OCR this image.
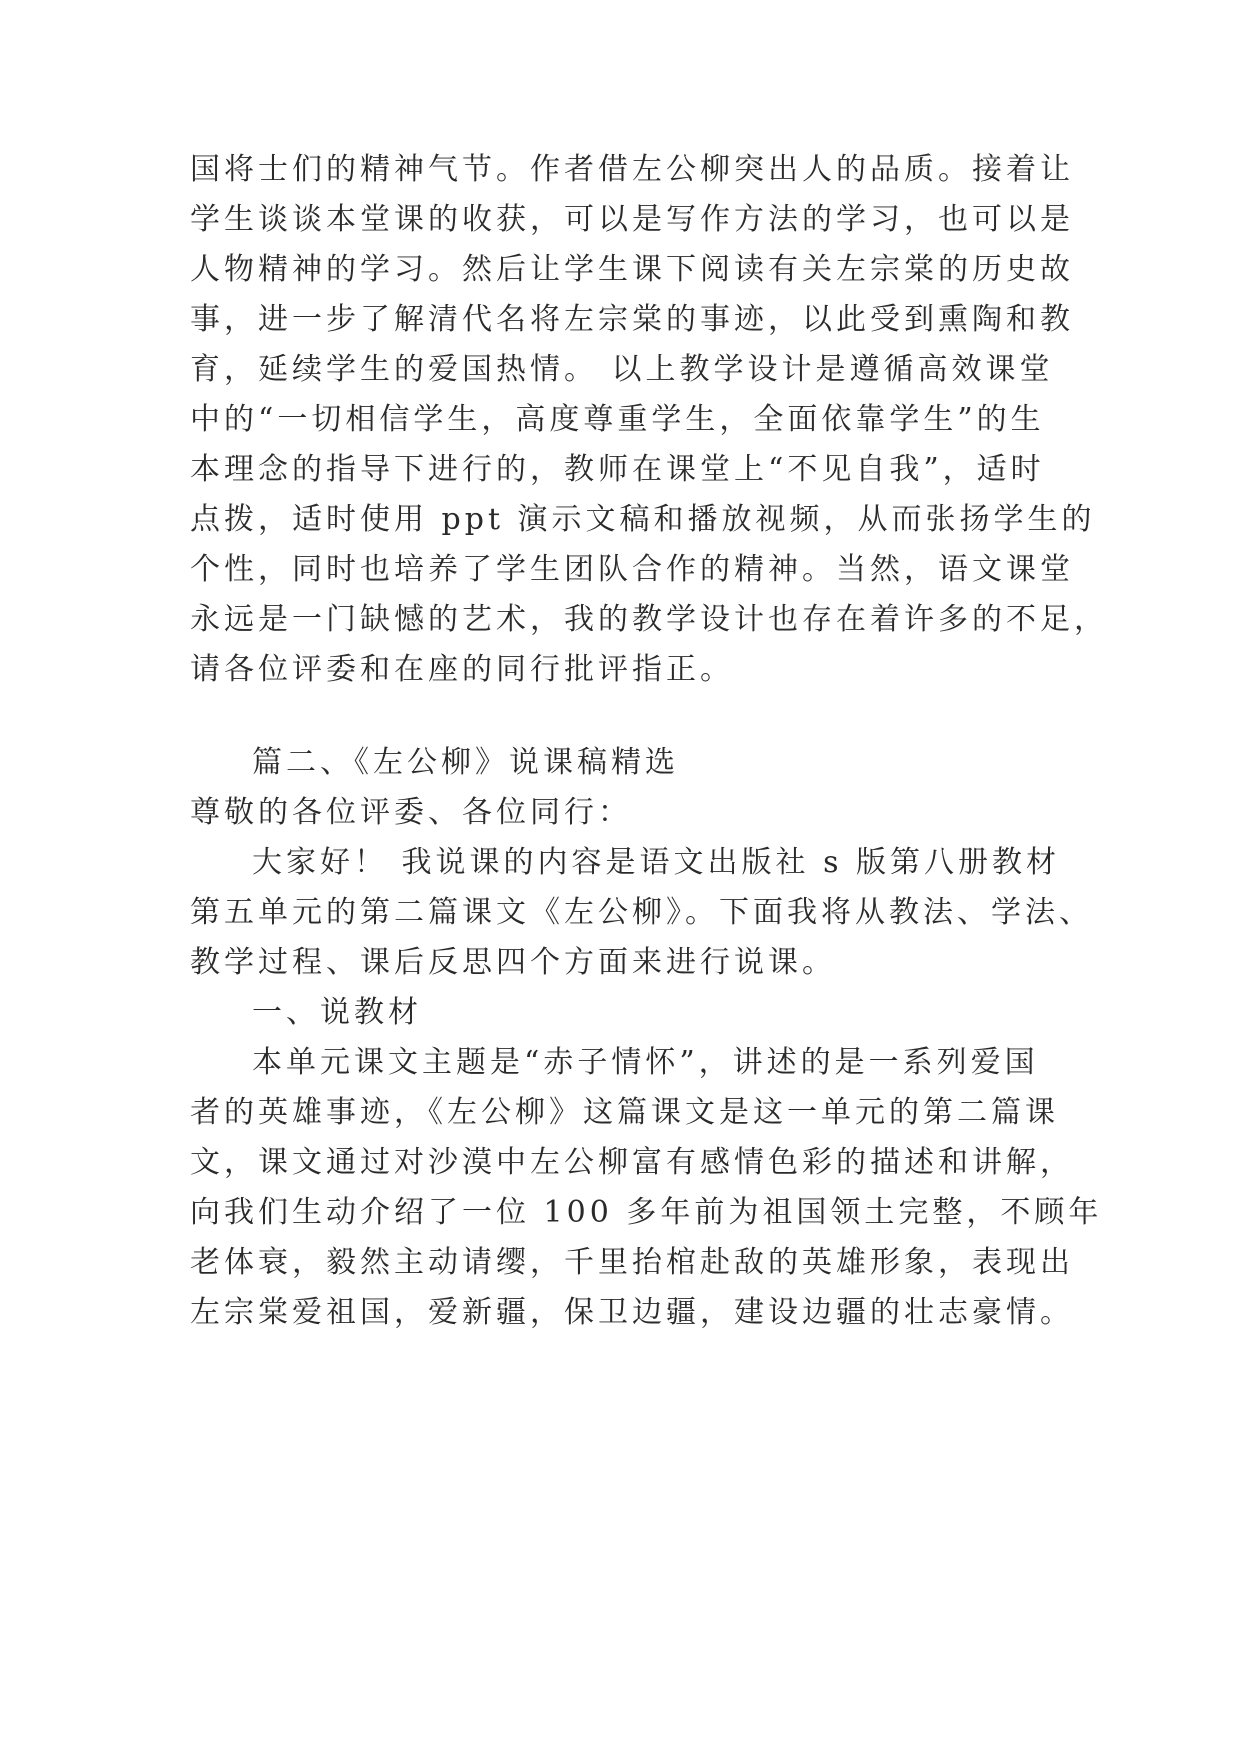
国将士们的精神气节。作者借左公柳突出人的品质。接着让
学生谈谈本堂课的收获，可以是写作方法的学习，也可以是
人物精神的学习。然后让学生课下阅读有关左宗棠的历史故
事，进一步了解清代名将左宗棠的事迹，以此受到熏陶和教
育，延续学生的爱国热情。 以上教学设计是遵循高效课堂
中的“一切相信学生，高度尊重学生，全面依靠学生”的生
本理念的指导下进行的，教师在课堂上“不见自我”，适时
点拨，适时使用 ppt 演示文稿和播放视频，从而张扬学生的
个性，同时也培养了学生团队合作的精神。当然，语文课堂
永远是一门缺憾的艺术，我的教学设计也存在着许多的不足，
请各位评委和在座的同行批评指正。
篇二、《左公柳》说课稿精选
尊敬的各位评委、各位同行：
大家好！ 我说课的内容是语文出版社 s 版第八册教材
第五单元的第二篇课文《左公柳》。下面我将从教法、学法、
教学过程、课后反思四个方面来进行说课。
一、说教材
本单元课文主题是“赤子情怀”，讲述的是一系列爱国
者的英雄事迹，《左公柳》这篇课文是这一单元的第二篇课
文，课文通过对沙漠中左公柳富有感情色彩的描述和讲解，
向我们生动介绍了一位 100 多年前为祖国领土完整，不顾年
老体衰，毅然主动请缨，千里抬棺赴敌的英雄形象，表现出
左宗棠爱祖国，爱新疆，保卫边疆，建设边疆的壮志豪情。
